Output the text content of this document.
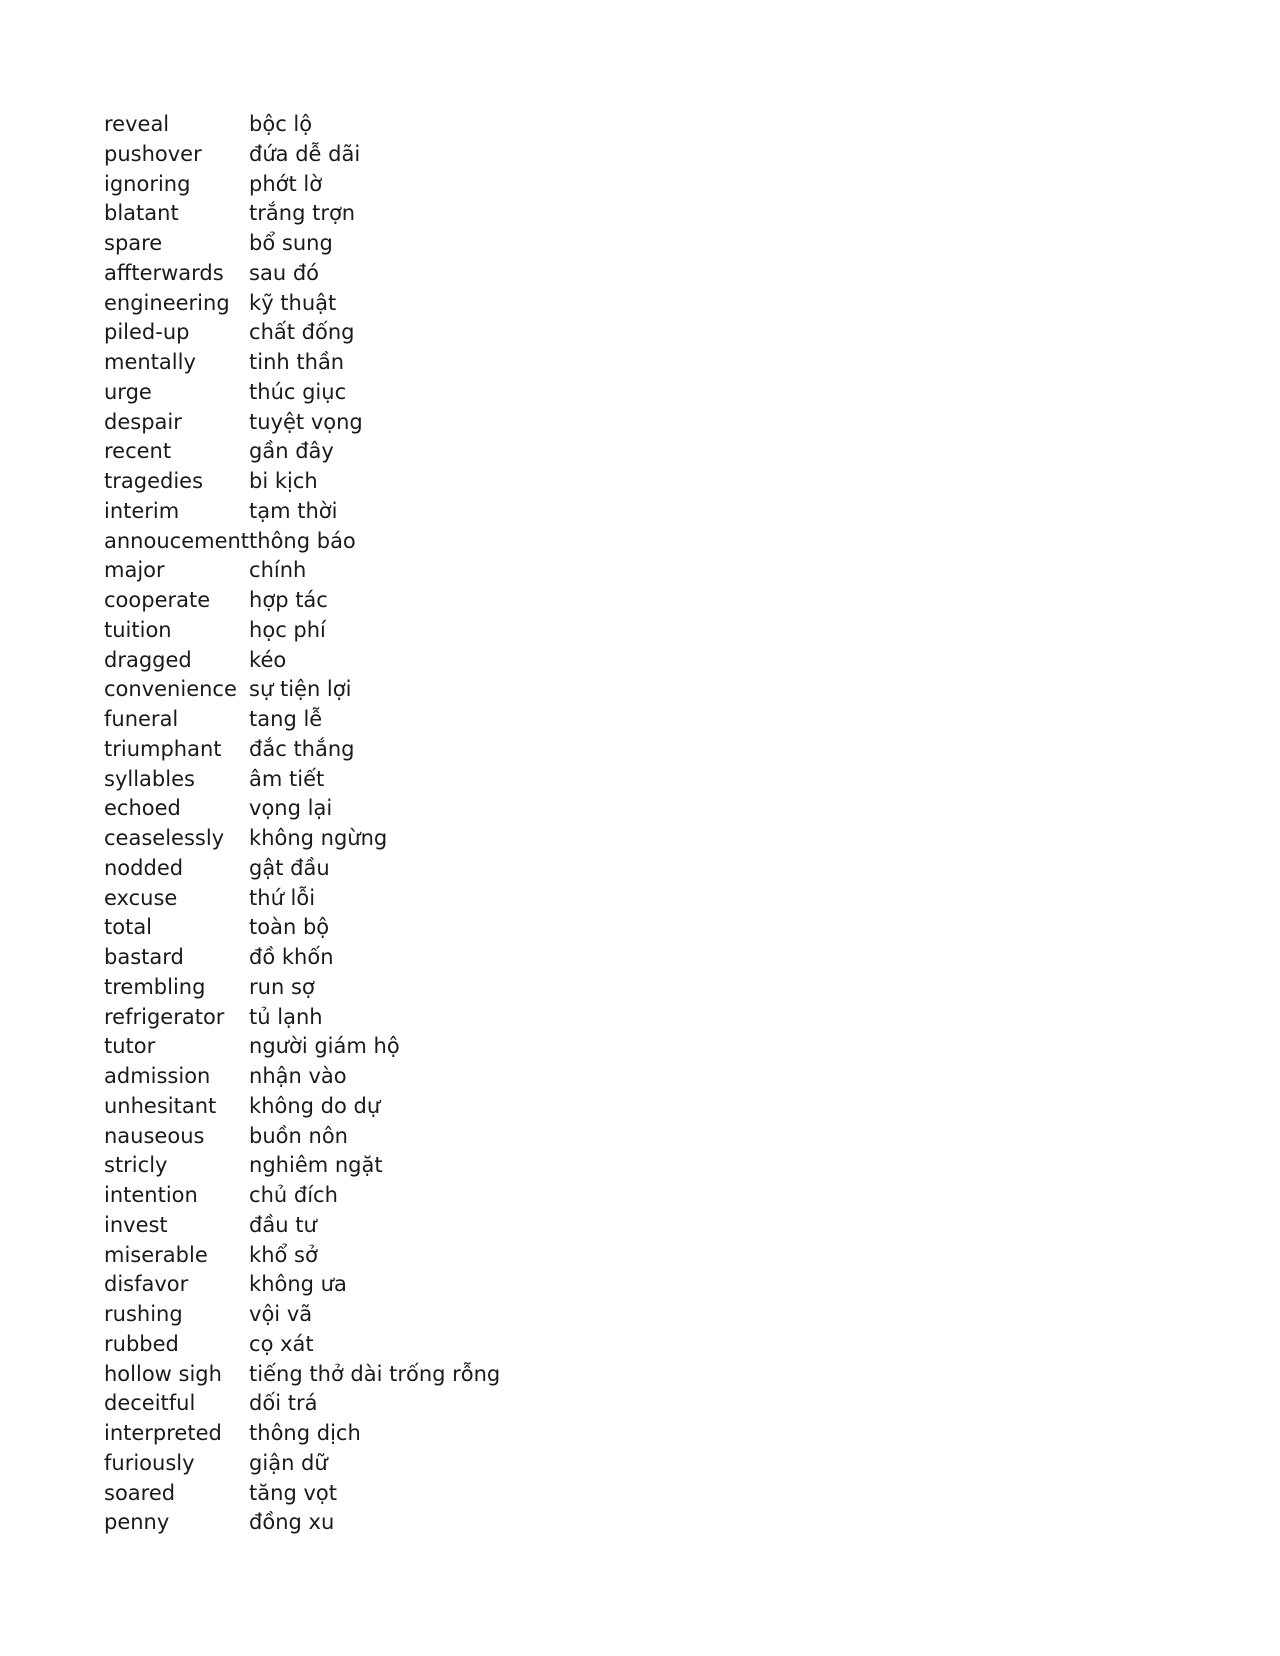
reveal	bộc lộ
pushover	đứa dễ dãi
ignoring	phớt lờ
blatant	trắng trợn
spare	bổ sung
affterwards	sau đó
engineering	kỹ thuật
piled-up	chất đống
mentally	tinh thần
urge	thúc giục
despair	tuyệt vọng
recent	gần đây
tragedies	bi kịch
interim	tạm thời
annoucement	thông báo
major	chính
cooperate	hợp tác
tuition	học phí
dragged	kéo
convenience	sự tiện lợi
funeral	tang lễ
triumphant	đắc thắng
syllables	âm tiết
echoed	vọng lại
ceaselessly	không ngừng
nodded	gật đầu
excuse	thứ lỗi
total	toàn bộ
bastard	đồ khốn
trembling	run sợ
refrigerator	tủ lạnh
tutor	người giám hộ
admission	nhận vào
unhesitant	không do dự
nauseous	buồn nôn
stricly	nghiêm ngặt
intention	chủ đích
invest	đầu tư
miserable	khổ sở
disfavor	không ưa
rushing	vội vã
rubbed	cọ xát
hollow sigh	tiếng thở dài trống rỗng
deceitful	dối trá
interpreted	thông dịch
furiously	giận dữ
soared	tăng vọt
penny	đồng xu
